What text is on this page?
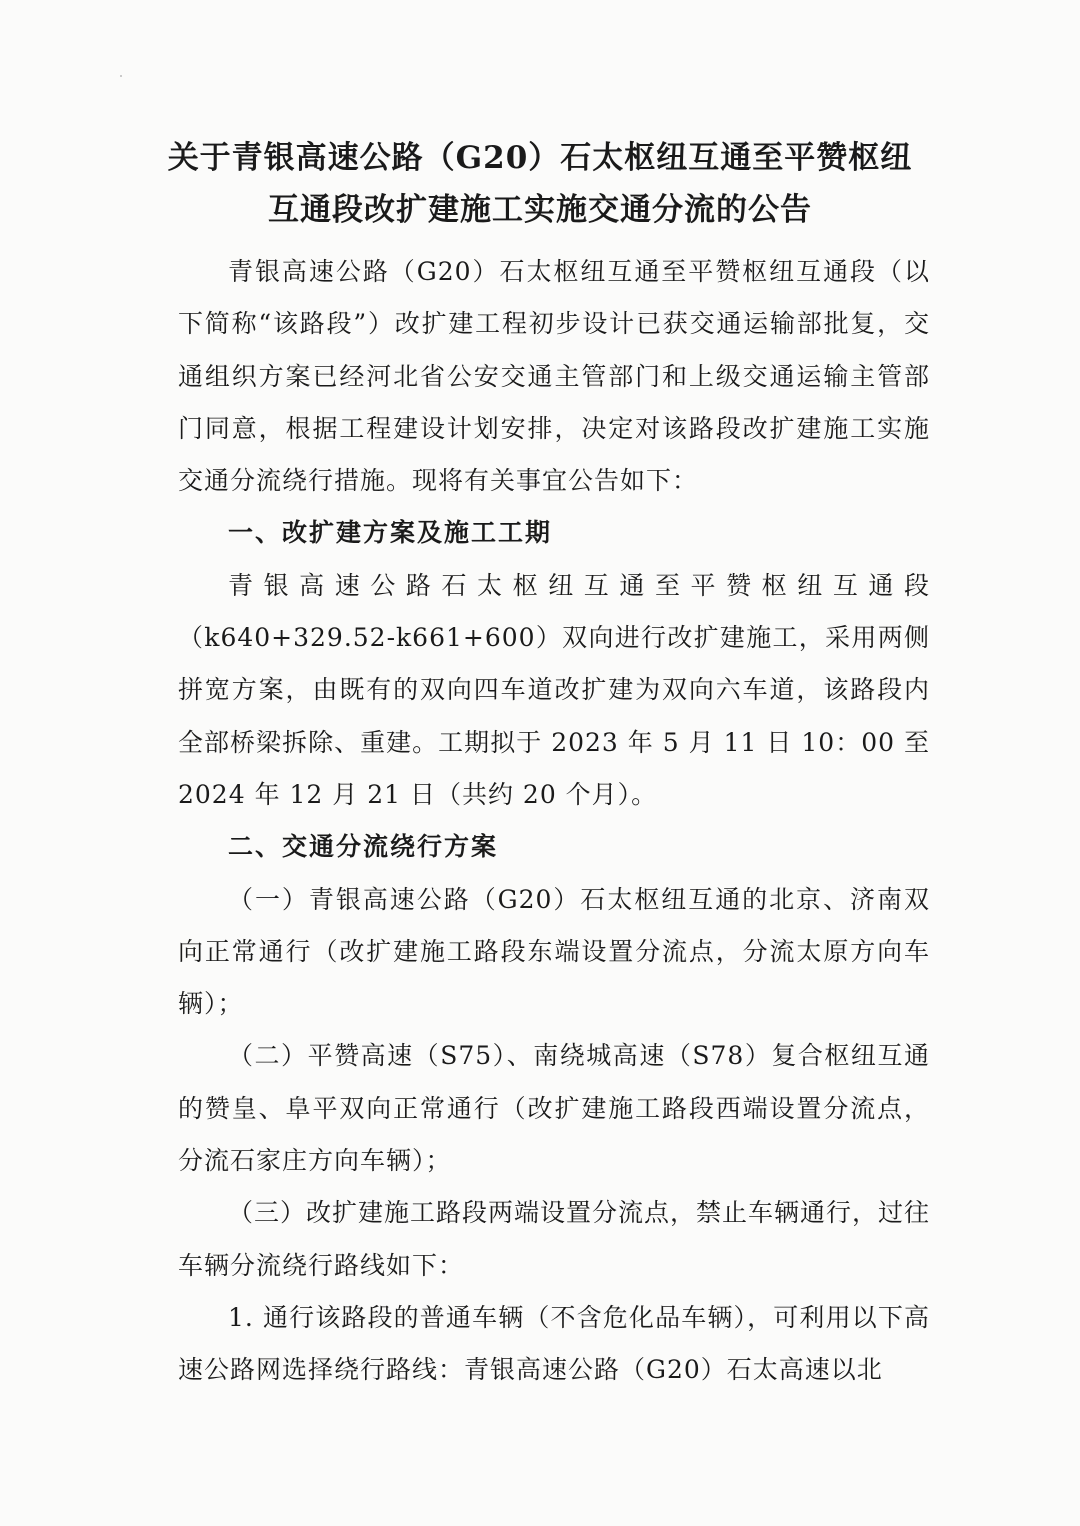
关于青银高速公路（G20）石太枢纽互通至平赞枢纽
互通段改扩建施工实施交通分流的公告

青银高速公路（G20）石太枢纽互通至平赞枢纽互通段（以下简称“该路段”）改扩建工程初步设计已获交通运输部批复，交通组织方案已经河北省公安交通主管部门和上级交通运输主管部门同意，根据工程建设计划安排，决定对该路段改扩建施工实施交通分流绕行措施。现将有关事宜公告如下：

一、改扩建方案及施工工期

青银高速公路石太枢纽互通至平赞枢纽互通段（k640+329.52-k661+600）双向进行改扩建施工，采用两侧拼宽方案，由既有的双向四车道改扩建为双向六车道，该路段内全部桥梁拆除、重建。工期拟于 2023 年 5 月 11 日 10：00 至 2024 年 12 月 21 日（共约 20 个月）。

二、交通分流绕行方案

（一）青银高速公路（G20）石太枢纽互通的北京、济南双向正常通行（改扩建施工路段东端设置分流点，分流太原方向车辆）；

（二）平赞高速（S75）、南绕城高速（S78）复合枢纽互通的赞皇、阜平双向正常通行（改扩建施工路段西端设置分流点，分流石家庄方向车辆）；

（三）改扩建施工路段两端设置分流点，禁止车辆通行，过往车辆分流绕行路线如下：

1. 通行该路段的普通车辆（不含危化品车辆），可利用以下高速公路网选择绕行路线：青银高速公路（G20）石太高速以北
